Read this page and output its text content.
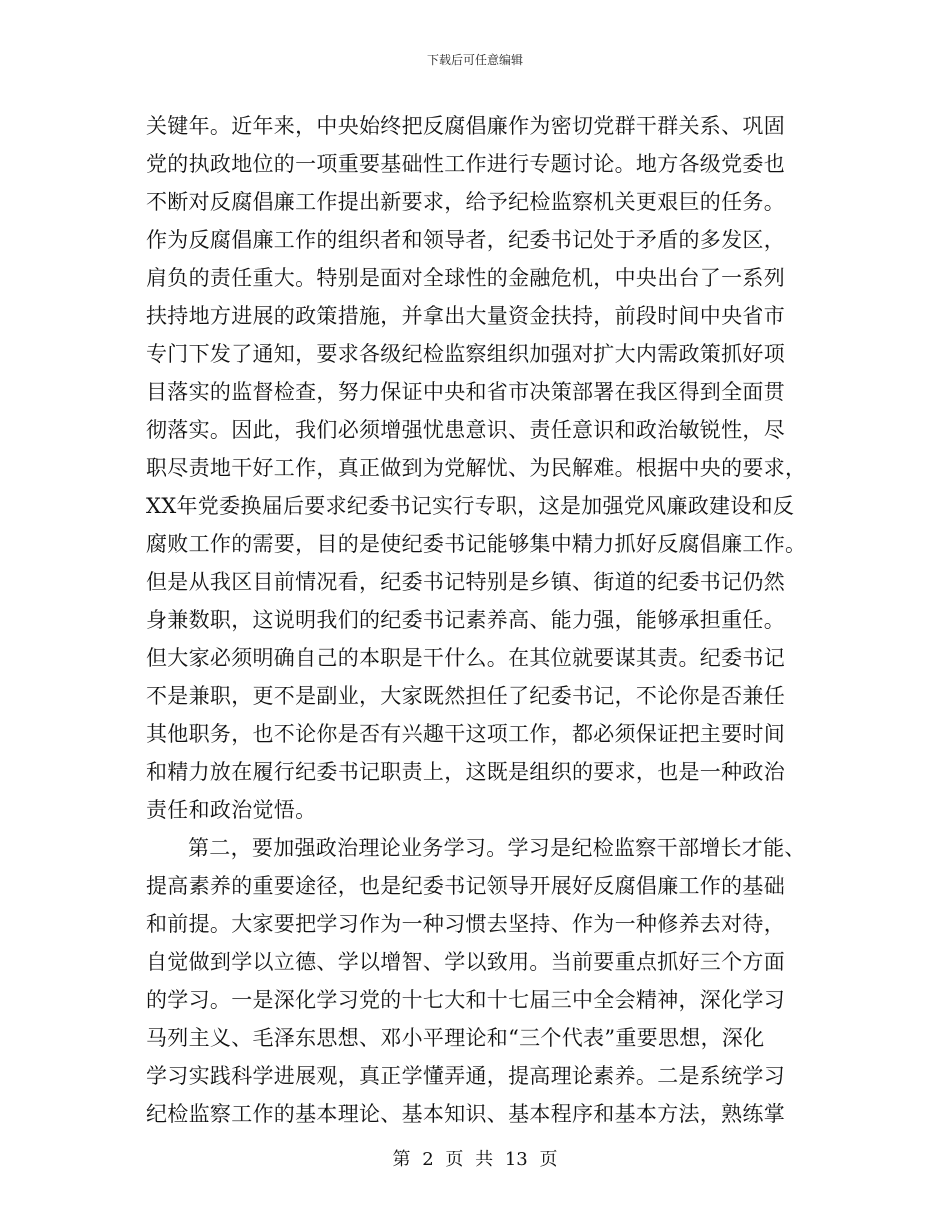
下载后可任意编辑
关键年。近年来，中央始终把反腐倡廉作为密切党群干群关系、巩固
党的执政地位的一项重要基础性工作进行专题讨论。地方各级党委也
不断对反腐倡廉工作提出新要求，给予纪检监察机关更艰巨的任务。
作为反腐倡廉工作的组织者和领导者，纪委书记处于矛盾的多发区，
肩负的责任重大。特别是面对全球性的金融危机，中央出台了一系列
扶持地方进展的政策措施，并拿出大量资金扶持，前段时间中央省市
专门下发了通知，要求各级纪检监察组织加强对扩大内需政策抓好项
目落实的监督检查，努力保证中央和省市决策部署在我区得到全面贯
彻落实。因此，我们必须增强忧患意识、责任意识和政治敏锐性，尽
职尽责地干好工作，真正做到为党解忧、为民解难。根据中央的要求，
XX年党委换届后要求纪委书记实行专职，这是加强党风廉政建设和反
腐败工作的需要，目的是使纪委书记能够集中精力抓好反腐倡廉工作。
但是从我区目前情况看，纪委书记特别是乡镇、街道的纪委书记仍然
身兼数职，这说明我们的纪委书记素养高、能力强，能够承担重任。
但大家必须明确自己的本职是干什么。在其位就要谋其责。纪委书记
不是兼职，更不是副业，大家既然担任了纪委书记，不论你是否兼任
其他职务，也不论你是否有兴趣干这项工作，都必须保证把主要时间
和精力放在履行纪委书记职责上，这既是组织的要求，也是一种政治
责任和政治觉悟。
第二，要加强政治理论业务学习。学习是纪检监察干部增长才能、
提高素养的重要途径，也是纪委书记领导开展好反腐倡廉工作的基础
和前提。大家要把学习作为一种习惯去坚持、作为一种修养去对待，
自觉做到学以立德、学以增智、学以致用。当前要重点抓好三个方面
的学习。一是深化学习党的十七大和十七届三中全会精神，深化学习
马列主义、毛泽东思想、邓小平理论和“三个代表”重要思想，深化
学习实践科学进展观，真正学懂弄通，提高理论素养。二是系统学习
纪检监察工作的基本理论、基本知识、基本程序和基本方法，熟练掌
第 2 页 共 13 页
